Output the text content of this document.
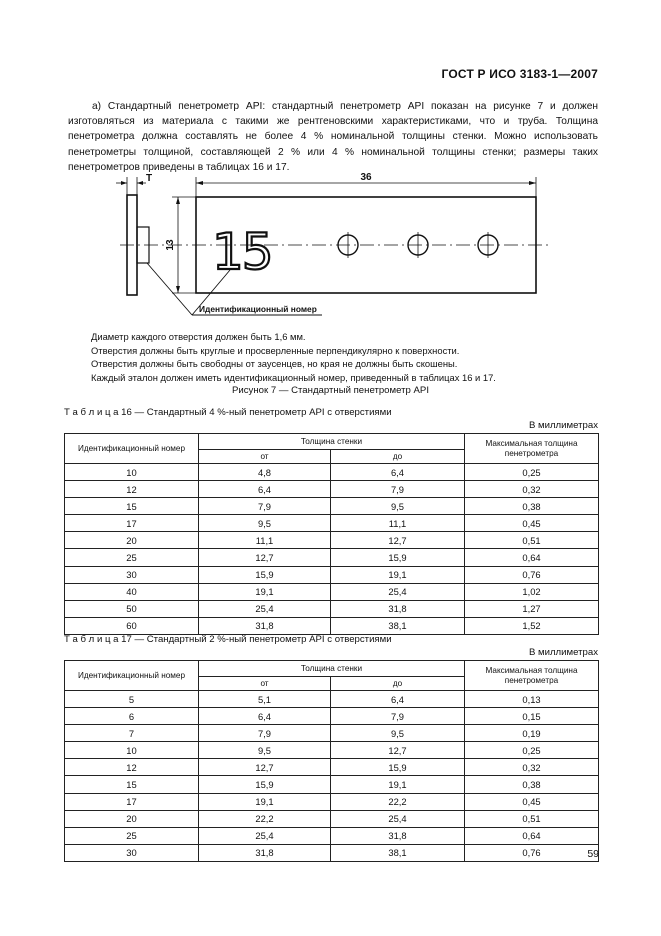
ГОСТ Р ИСО 3183-1—2007
а) Стандартный пенетрометр API: стандартный пенетрометр API показан на рисунке 7 и должен изготовляться из материала с такими же рентгеновскими характеристиками, что и труба. Толщина пенетрометра должна составлять не более 4 % номинальной толщины стенки. Можно использовать пенетрометры толщиной, составляющей 2 % или 4 % номинальной толщины стенки; размеры таких пенетрометров приведены в таблицах 16 и 17.
T	36
13 15
Идентификационный номер
Диаметр каждого отверстия должен быть 1,6 мм.
Отверстия должны быть круглые и просверленные перпендикулярно к поверхности.
Отверстия должны быть свободны от заусенцев, но края не должны быть скошены.
Каждый эталон должен иметь идентификационный номер, приведенный в таблицах 16 и 17.
Рисунок 7 — Стандартный пенетрометр API
Т а б л и ц а 16 — Стандартный 4 %-ный пенетрометр API с отверстиями
В миллиметрах
Идентификационный номер	Толщина стенки		Максимальная толщина пенетрометра
	от	до	
10	4,8	6,4	0,25
12	6,4	7,9	0,32
15	7,9	9,5	0,38
17	9,5	11,1	0,45
20	11,1	12,7	0,51
25	12,7	15,9	0,64
30	15,9	19,1	0,76
40	19,1	25,4	1,02
50	25,4	31,8	1,27
60	31,8	38,1	1,52
Т а б л и ц а 17 — Стандартный 2 %-ный пенетрометр API с отверстиями
В миллиметрах
Идентификационный номер	Толщина стенки		Максимальная толщина пенетрометра
	от	до	
5	5,1	6,4	0,13
6	6,4	7,9	0,15
7	7,9	9,5	0,19
10	9,5	12,7	0,25
12	12,7	15,9	0,32
15	15,9	19,1	0,38
17	19,1	22,2	0,45
20	22,2	25,4	0,51
25	25,4	31,8	0,64
30	31,8	38,1	0,76	59
